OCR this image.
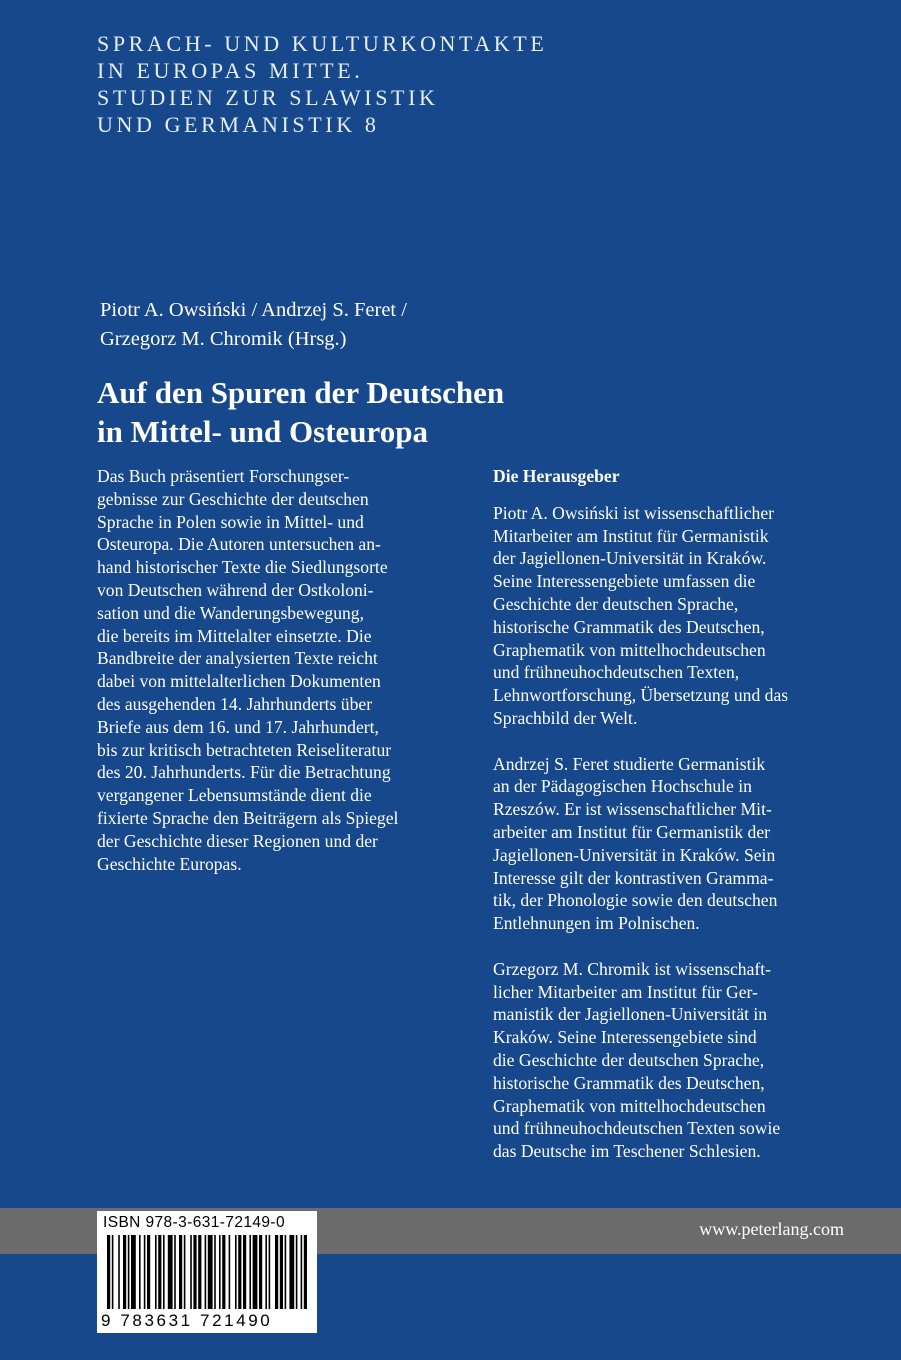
SPRACH- UND KULTURKONTAKTE
IN EUROPAS MITTE.
STUDIEN ZUR SLAWISTIK
UND GERMANISTIK 8
Piotr A. Owsiński / Andrzej S. Feret /
Grzegorz M. Chromik (Hrsg.)
Auf den Spuren der Deutschen
in Mittel- und Osteuropa
Das Buch präsentiert Forschungser-
gebnisse zur Geschichte der deutschen
Sprache in Polen sowie in Mittel- und
Osteuropa. Die Autoren untersuchen an-
hand historischer Texte die Siedlungsorte
von Deutschen während der Ostkoloni-
sation und die Wanderungsbewegung,
die bereits im Mittelalter einsetzte. Die
Bandbreite der analysierten Texte reicht
dabei von mittelalterlichen Dokumenten
des ausgehenden 14. Jahrhunderts über
Briefe aus dem 16. und 17. Jahrhundert,
bis zur kritisch betrachteten Reiseliteratur
des 20. Jahrhunderts. Für die Betrachtung
vergangener Lebensumstände dient die
fixierte Sprache den Beiträgern als Spiegel
der Geschichte dieser Regionen und der
Geschichte Europas.
Die Herausgeber
Piotr A. Owsiński ist wissenschaftlicher
Mitarbeiter am Institut für Germanistik
der Jagiellonen-Universität in Kraków.
Seine Interessengebiete umfassen die
Geschichte der deutschen Sprache,
historische Grammatik des Deutschen,
Graphematik von mittelhochdeutschen
und frühneuhochdeutschen Texten,
Lehnwortforschung, Übersetzung und das
Sprachbild der Welt.
Andrzej S. Feret studierte Germanistik
an der Pädagogischen Hochschule in
Rzeszów. Er ist wissenschaftlicher Mit-
arbeiter am Institut für Germanistik der
Jagiellonen-Universität in Kraków. Sein
Interesse gilt der kontrastiven Gramma-
tik, der Phonologie sowie den deutschen
Entlehnungen im Polnischen.
Grzegorz M. Chromik ist wissenschaft-
licher Mitarbeiter am Institut für Ger-
manistik der Jagiellonen-Universität in
Kraków. Seine Interessengebiete sind
die Geschichte der deutschen Sprache,
historische Grammatik des Deutschen,
Graphematik von mittelhochdeutschen
und frühneuhochdeutschen Texten sowie
das Deutsche im Teschener Schlesien.
www.peterlang.com
ISBN 978-3-631-72149-0
9 783631 721490
